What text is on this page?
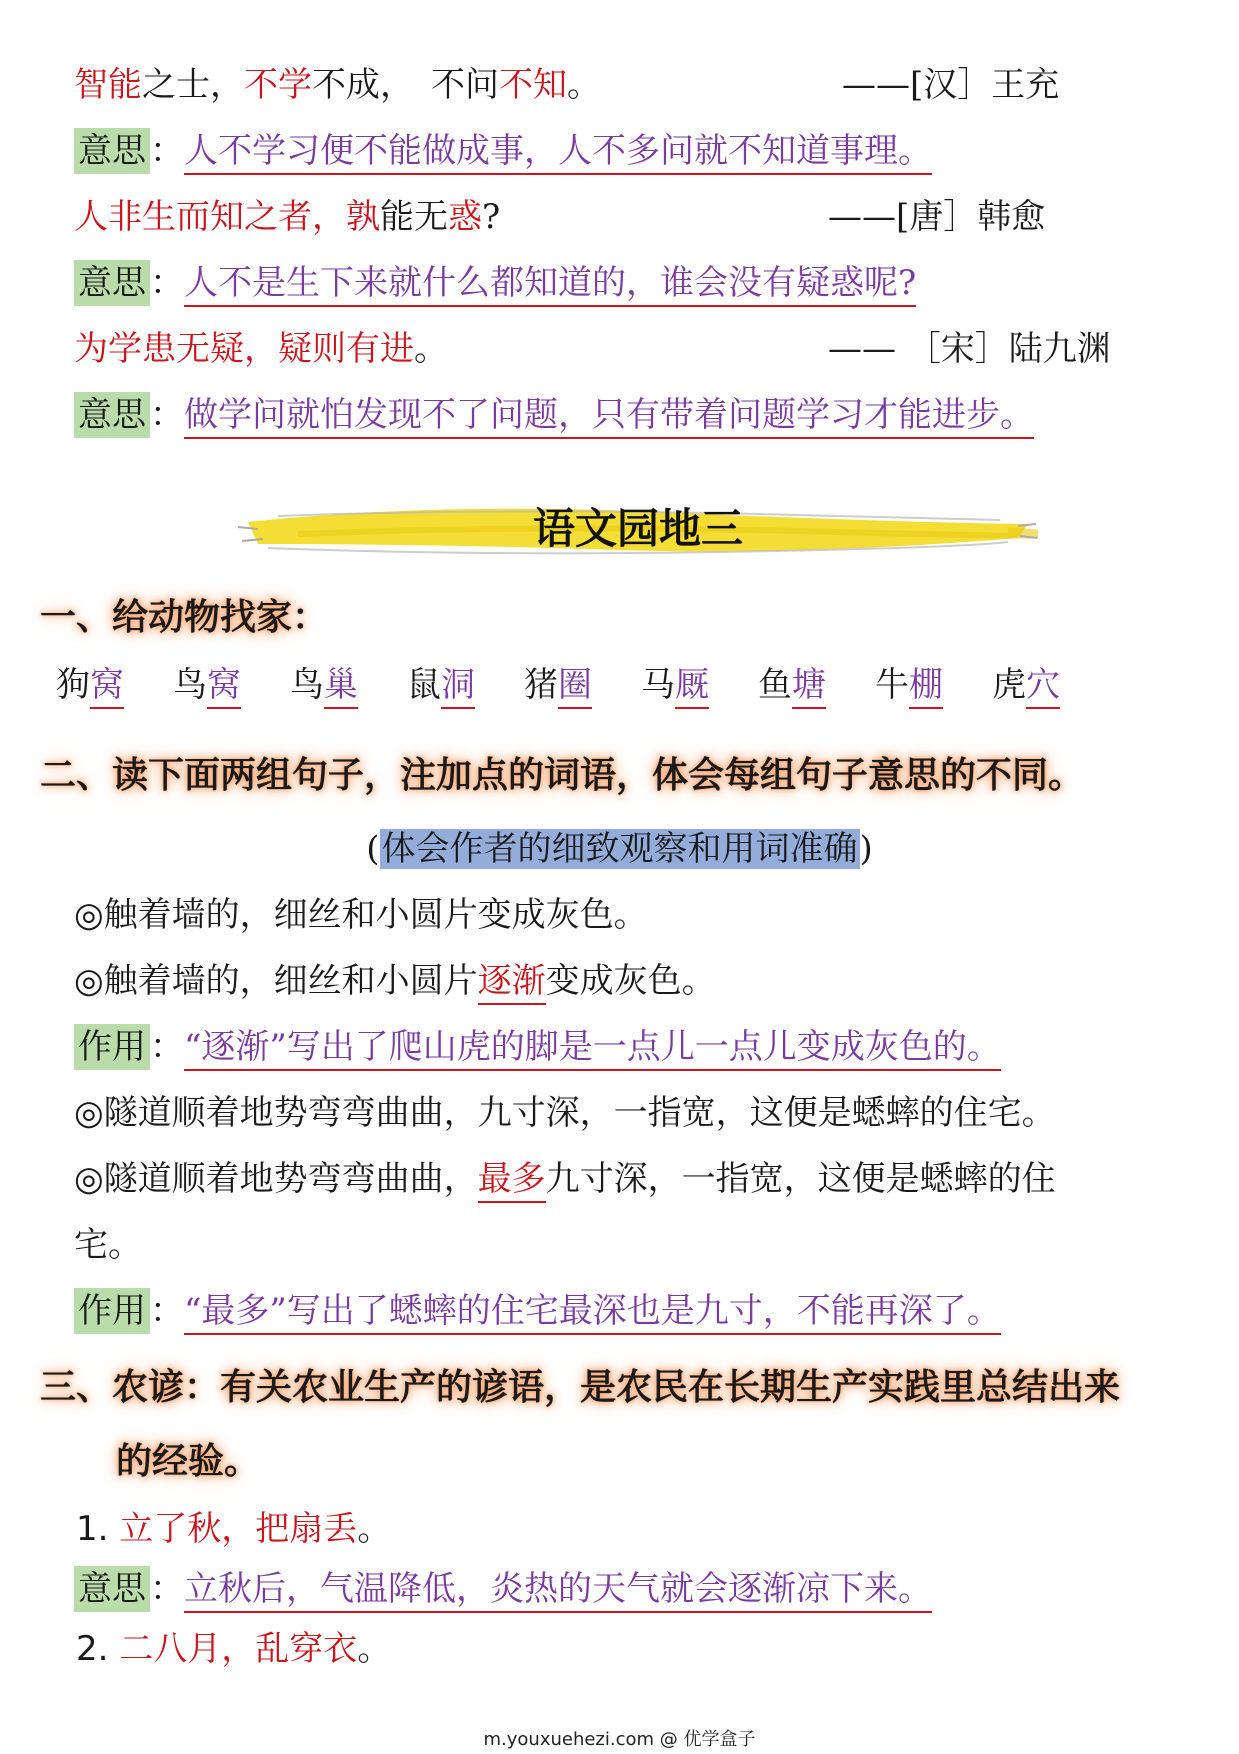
智能之士，不学不成，　不问不知。	——[汉］王充
意思 ：人不学习便不能做成事，人不多问就不知道事理。
人非生而知之者，孰能无惑?	——[唐］韩愈
意思 ：人不是生下来就什么都知道的，谁会没有疑惑呢?
为学患无疑，疑则有进。	—— ［宋］陆九渊
意思 ：做学问就怕发现不了问题，只有带着问题学习才能进步。
语文园地三
一、给动物找家：
狗窝 鸟窝 鸟巢 鼠洞 猪圈 马厩 鱼塘 牛棚 虎穴
二、读下面两组句子，注加点的词语，体会每组句子意思的不同。
(体会作者的细致观察和用词准确)
◎触着墙的，细丝和小圆片变成灰色。
◎触着墙的，细丝和小圆片逐渐变成灰色。
作用 ：“逐渐”写出了爬山虎的脚是一点儿一点儿变成灰色的。
◎隧道顺着地势弯弯曲曲，九寸深，一指宽，这便是蟋蟀的住宅。
◎隧道顺着地势弯弯曲曲，最多九寸深，一指宽，这便是蟋蟀的住
宅。
作用 ：“最多”写出了蟋蟀的住宅最深也是九寸，不能再深了。
三、农谚：有关农业生产的谚语，是农民在长期生产实践里总结出来
的经验。
1. 立了秋，把扇丢。
意思 ：立秋后，气温降低，炎热的天气就会逐渐凉下来。
2. 二八月，乱穿衣。
m.youxuehezi.com @ 优学盒子
